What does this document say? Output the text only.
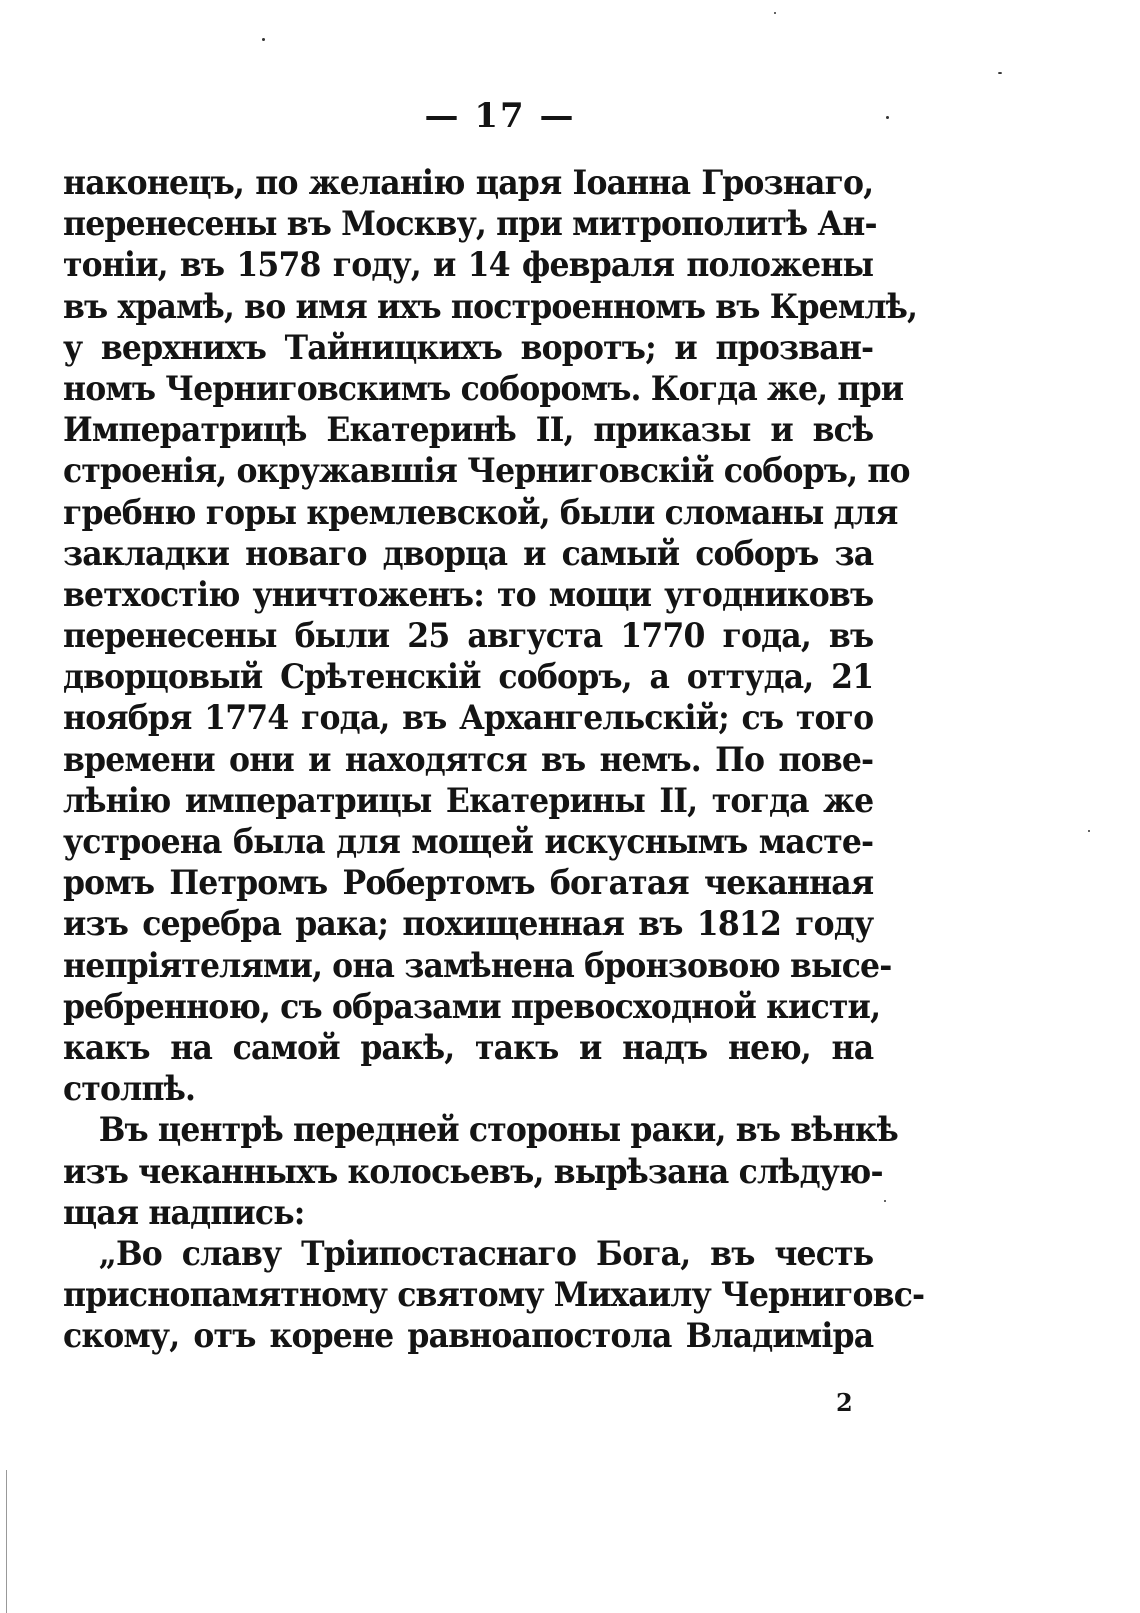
— 17 —
наконецъ, по желанію царя Іоанна Грознаго,
перенесены въ Москву, при митрополитѣ Ан-
тоніи, въ 1578 году, и 14 февраля положены
въ храмѣ, во имя ихъ построенномъ въ Кремлѣ,
у верхнихъ Тайницкихъ воротъ; и прозван-
номъ Черниговскимъ соборомъ. Когда же, при
Императрицѣ Екатеринѣ II, приказы и всѣ
строенія, окружавшія Черниговскій соборъ, по
гребню горы кремлевской, были сломаны для
закладки новаго дворца и самый соборъ за
ветхостію уничтоженъ: то мощи угодниковъ
перенесены были 25 августа 1770 года, въ
дворцовый Срѣтенскій соборъ, а оттуда, 21
ноября 1774 года, въ Архангельскій; съ того
времени они и находятся въ немъ. По пове-
лѣнію императрицы Екатерины II, тогда же
устроена была для мощей искуснымъ масте-
ромъ Петромъ Робертомъ богатая чеканная
изъ серебра рака; похищенная въ 1812 году
непріятелями, она замѣнена бронзовою высе-
ребренною, съ образами превосходной кисти,
какъ на самой ракѣ, такъ и надъ нею, на
столпѣ.
Въ центрѣ передней стороны раки, въ вѣнкѣ
изъ чеканныхъ колосьевъ, вырѣзана слѣдую-
щая надпись:
„Во славу Тріипостаснаго Бога, въ честь
приснопамятному святому Михаилу Черниговс-
скому, отъ корене равноапостола Владиміра
2
